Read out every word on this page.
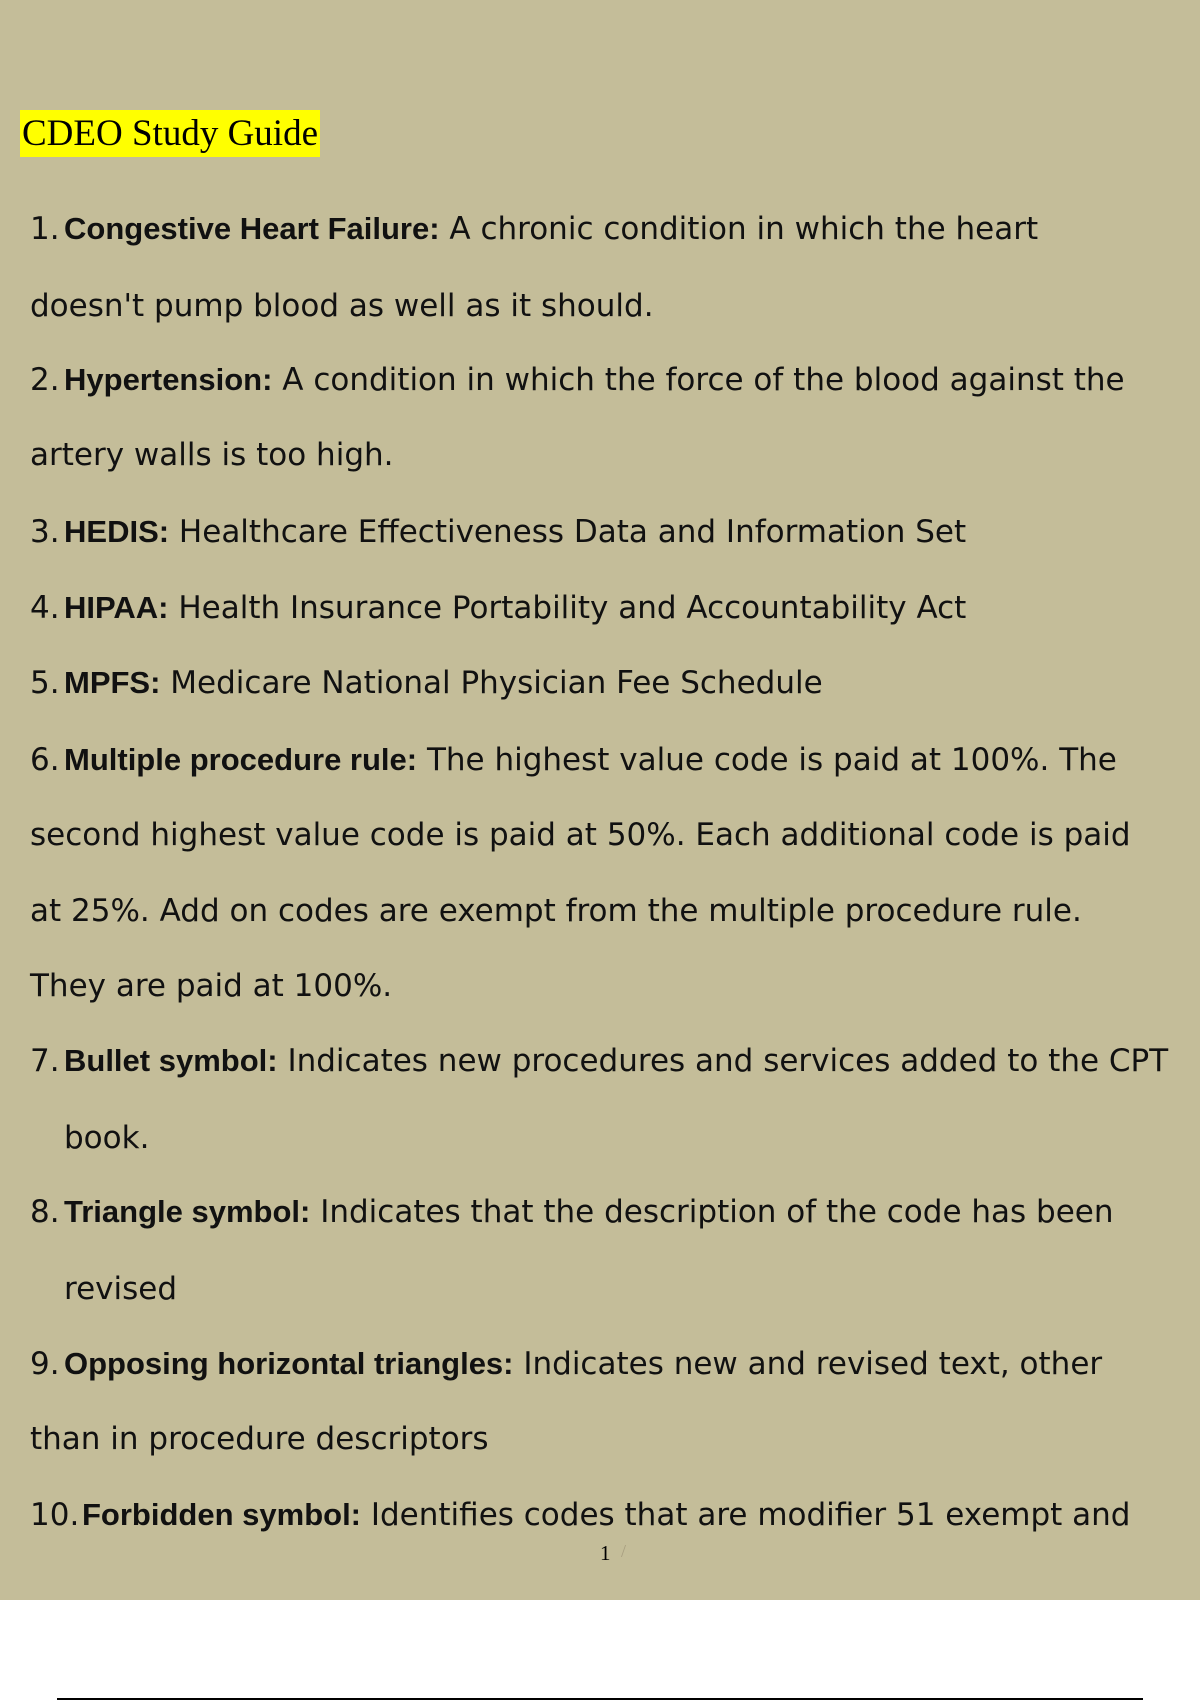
CDEO Study Guide
1. Congestive Heart Failure: A chronic condition in which the heart
doesn't pump blood as well as it should.
2. Hypertension: A condition in which the force of the blood against the
artery walls is too high.
3. HEDIS: Healthcare Effectiveness Data and Information Set
4. HIPAA: Health Insurance Portability and Accountability Act
5. MPFS: Medicare National Physician Fee Schedule
6. Multiple procedure rule: The highest value code is paid at 100%. The
second highest value code is paid at 50%. Each additional code is paid
at 25%. Add on codes are exempt from the multiple procedure rule.
They are paid at 100%.
7. Bullet symbol: Indicates new procedures and services added to the CPT
book.
8. Triangle symbol: Indicates that the description of the code has been
revised
9. Opposing horizontal triangles: Indicates new and revised text, other
than in procedure descriptors
10.Forbidden symbol: Identifies codes that are modifier 51 exempt and
1 /
